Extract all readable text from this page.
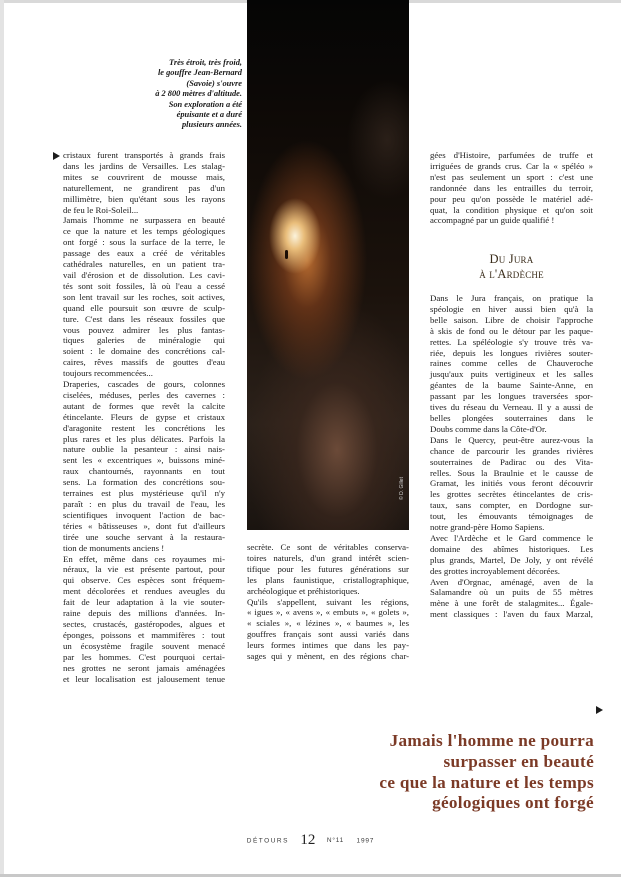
© D. Gillet
Très étroit, très froid,
le gouffre Jean-Bernard
(Savoie) s'ouvre
à 2 800 mètres d'altitude.
Son exploration a été
épuisante et a duré
plusieurs années.
cristaux furent transportés à grands frais
dans les jardins de Versailles. Les stalag-
mites se couvrirent de mousse mais,
naturellement, ne grandirent pas d'un
millimètre, bien qu'étant sous les rayons
de feu le Roi-Soleil...
Jamais l'homme ne surpassera en beauté
ce que la nature et les temps géologiques
ont forgé : sous la surface de la terre, le
passage des eaux a créé de véritables
cathédrales naturelles, en un patient tra-
vail d'érosion et de dissolution. Les cavi-
tés sont soit fossiles, là où l'eau a cessé
son lent travail sur les roches, soit actives,
quand elle poursuit son œuvre de sculp-
ture. C'est dans les réseaux fossiles que
vous pouvez admirer les plus fantas-
tiques galeries de minéralogie qui
soient : le domaine des concrétions cal-
caires, rêves massifs de gouttes d'eau
toujours recommencées...
Draperies, cascades de gours, colonnes
ciselées, méduses, perles des cavernes :
autant de formes que revêt la calcite
étincelante. Fleurs de gypse et cristaux
d'aragonite restent les concrétions les
plus rares et les plus délicates. Parfois la
nature oublie la pesanteur : ainsi nais-
sent les « excentriques », buissons miné-
raux chantournés, rayonnants en tout
sens. La formation des concrétions sou-
terraines est plus mystérieuse qu'il n'y
paraît : en plus du travail de l'eau, les
scientifiques invoquent l'action de bac-
téries « bâtisseuses », dont fut d'ailleurs
tirée une souche servant à la restaura-
tion de monuments anciens !
En effet, même dans ces royaumes mi-
néraux, la vie est présente partout, pour
qui observe. Ces espèces sont fréquem-
ment décolorées et rendues aveugles du
fait de leur adaptation à la vie souter-
raine depuis des millions d'années. In-
sectes, crustacés, gastéropodes, algues et
éponges, poissons et mammifères : tout
un écosystème fragile souvent menacé
par les hommes. C'est pourquoi certai-
nes grottes ne seront jamais aménagées
et leur localisation est jalousement tenue
secrète. Ce sont de véritables conserva-
toires naturels, d'un grand intérêt scien-
tifique pour les futures générations sur
les plans faunistique, cristallographique,
archéologique et préhistoriques.
Qu'ils s'appellent, suivant les régions,
« igues », « avens », « embuts », « golets »,
« sciales », « lézines », « baumes », les
gouffres français sont aussi variés dans
leurs formes intimes que dans les pay-
sages qui y mènent, en des régions char-
gées d'Histoire, parfumées de truffe et
irriguées de grands crus. Car la « spéléo »
n'est pas seulement un sport : c'est une
randonnée dans les entrailles du terroir,
pour peu qu'on possède le matériel adé-
quat, la condition physique et qu'on soit
accompagné par un guide qualifié !
Du Jura
à l'Ardèche
Dans le Jura français, on pratique la
spéologie en hiver aussi bien qu'à la
belle saison. Libre de choisir l'approche
à skis de fond ou le détour par les paque-
rettes. La spéléologie s'y trouve très va-
riée, depuis les longues rivières souter-
raines comme celles de Chauveroche
jusqu'aux puits vertigineux et les salles
géantes de la baume Sainte-Anne, en
passant par les longues traversées spor-
tives du réseau du Verneau. Il y a aussi de
belles plongées souterraines dans le
Doubs comme dans la Côte-d'Or.
Dans le Quercy, peut-être aurez-vous la
chance de parcourir les grandes rivières
souterraines de Padirac ou des Vita-
relles. Sous la Braulnie et le causse de
Gramat, les initiés vous feront découvrir
les grottes secrètes étincelantes de cris-
taux, sans compter, en Dordogne sur-
tout, les émouvants témoignages de
notre grand-père Homo Sapiens.
Avec l'Ardèche et le Gard commence le
domaine des abîmes historiques. Les
plus grands, Martel, De Joly, y ont révélé
des grottes incroyablement décorées.
Aven d'Orgnac, aménagé, aven de la
Salamandre où un puits de 55 mètres
mène à une forêt de stalagmites... Égale-
ment classiques : l'aven du faux Marzal,
Jamais l'homme ne pourra
surpasser en beauté
ce que la nature et les temps
géologiques ont forgé
DÉTOURS 12 N°11 1997
